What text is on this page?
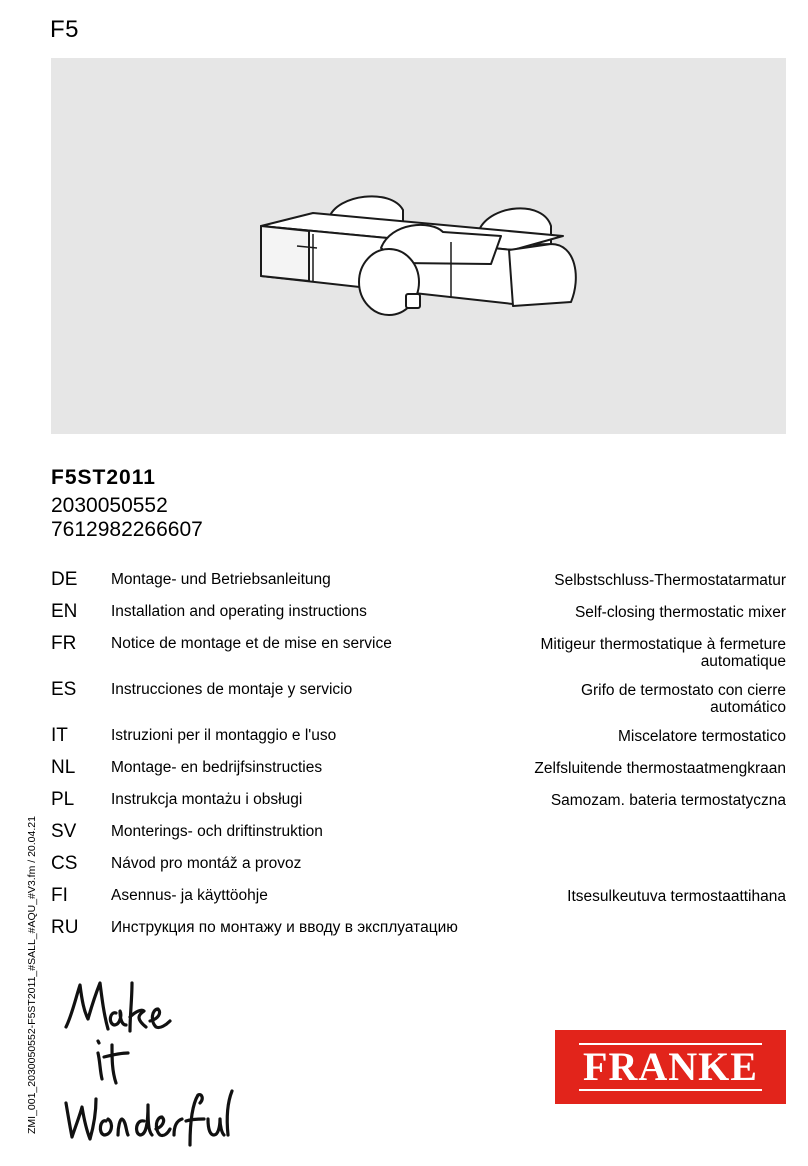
F5
F5ST2011
2030050552
7612982266607
DE	Montage- und Betriebsanleitung	Selbstschluss-Thermostatarmatur
EN	Installation and operating instructions	Self-closing thermostatic mixer
FR	Notice de montage et de mise en service	Mitigeur thermostatique à fermeture automatique
ES	Instrucciones de montaje y servicio	Grifo de termostato con cierre automático
IT	Istruzioni per il montaggio e l'uso	Miscelatore termostatico
NL	Montage- en bedrijfsinstructies	Zelfsluitende thermostaatmengkraan
PL	Instrukcja montażu i obsługi	Samozam. bateria termostatyczna
SV	Monterings- och driftinstruktion
CS	Návod pro montáž a provoz
FI	Asennus- ja käyttöohje	Itsesulkeutuva termostaattihana
RU	Инструкция по монтажу и вводу в эксплуатацию
ZMI_001_2030050552-F5ST2011_#SALL_#AQU_#V3.fm / 20.04.21	FRANKE
